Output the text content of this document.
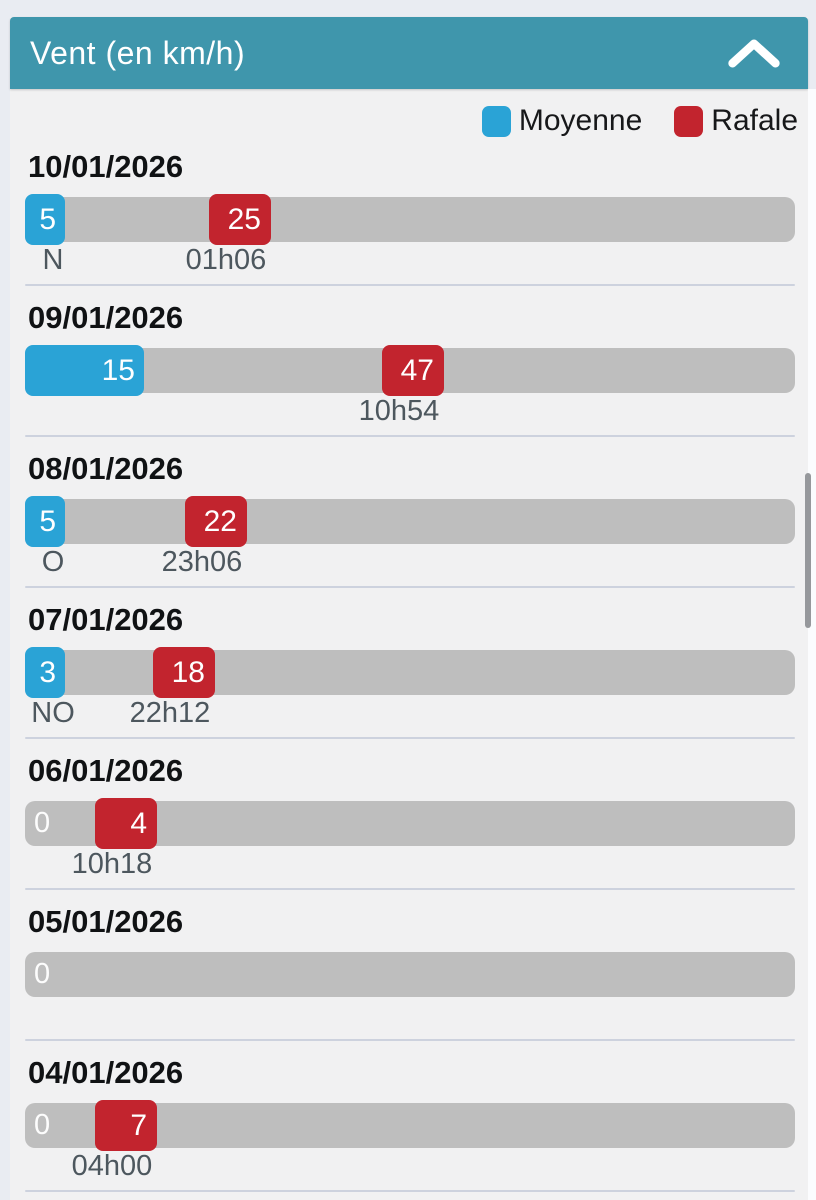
Vent (en km/h)
Moyenne Rafale
10/01/2026
5	25
N	01h06
09/01/2026
15	47
10h54
08/01/2026
5	22
O	23h06
07/01/2026
3	18
NO	22h12
06/01/2026
0	4
10h18
05/01/2026
0
04/01/2026
0	7
04h00
